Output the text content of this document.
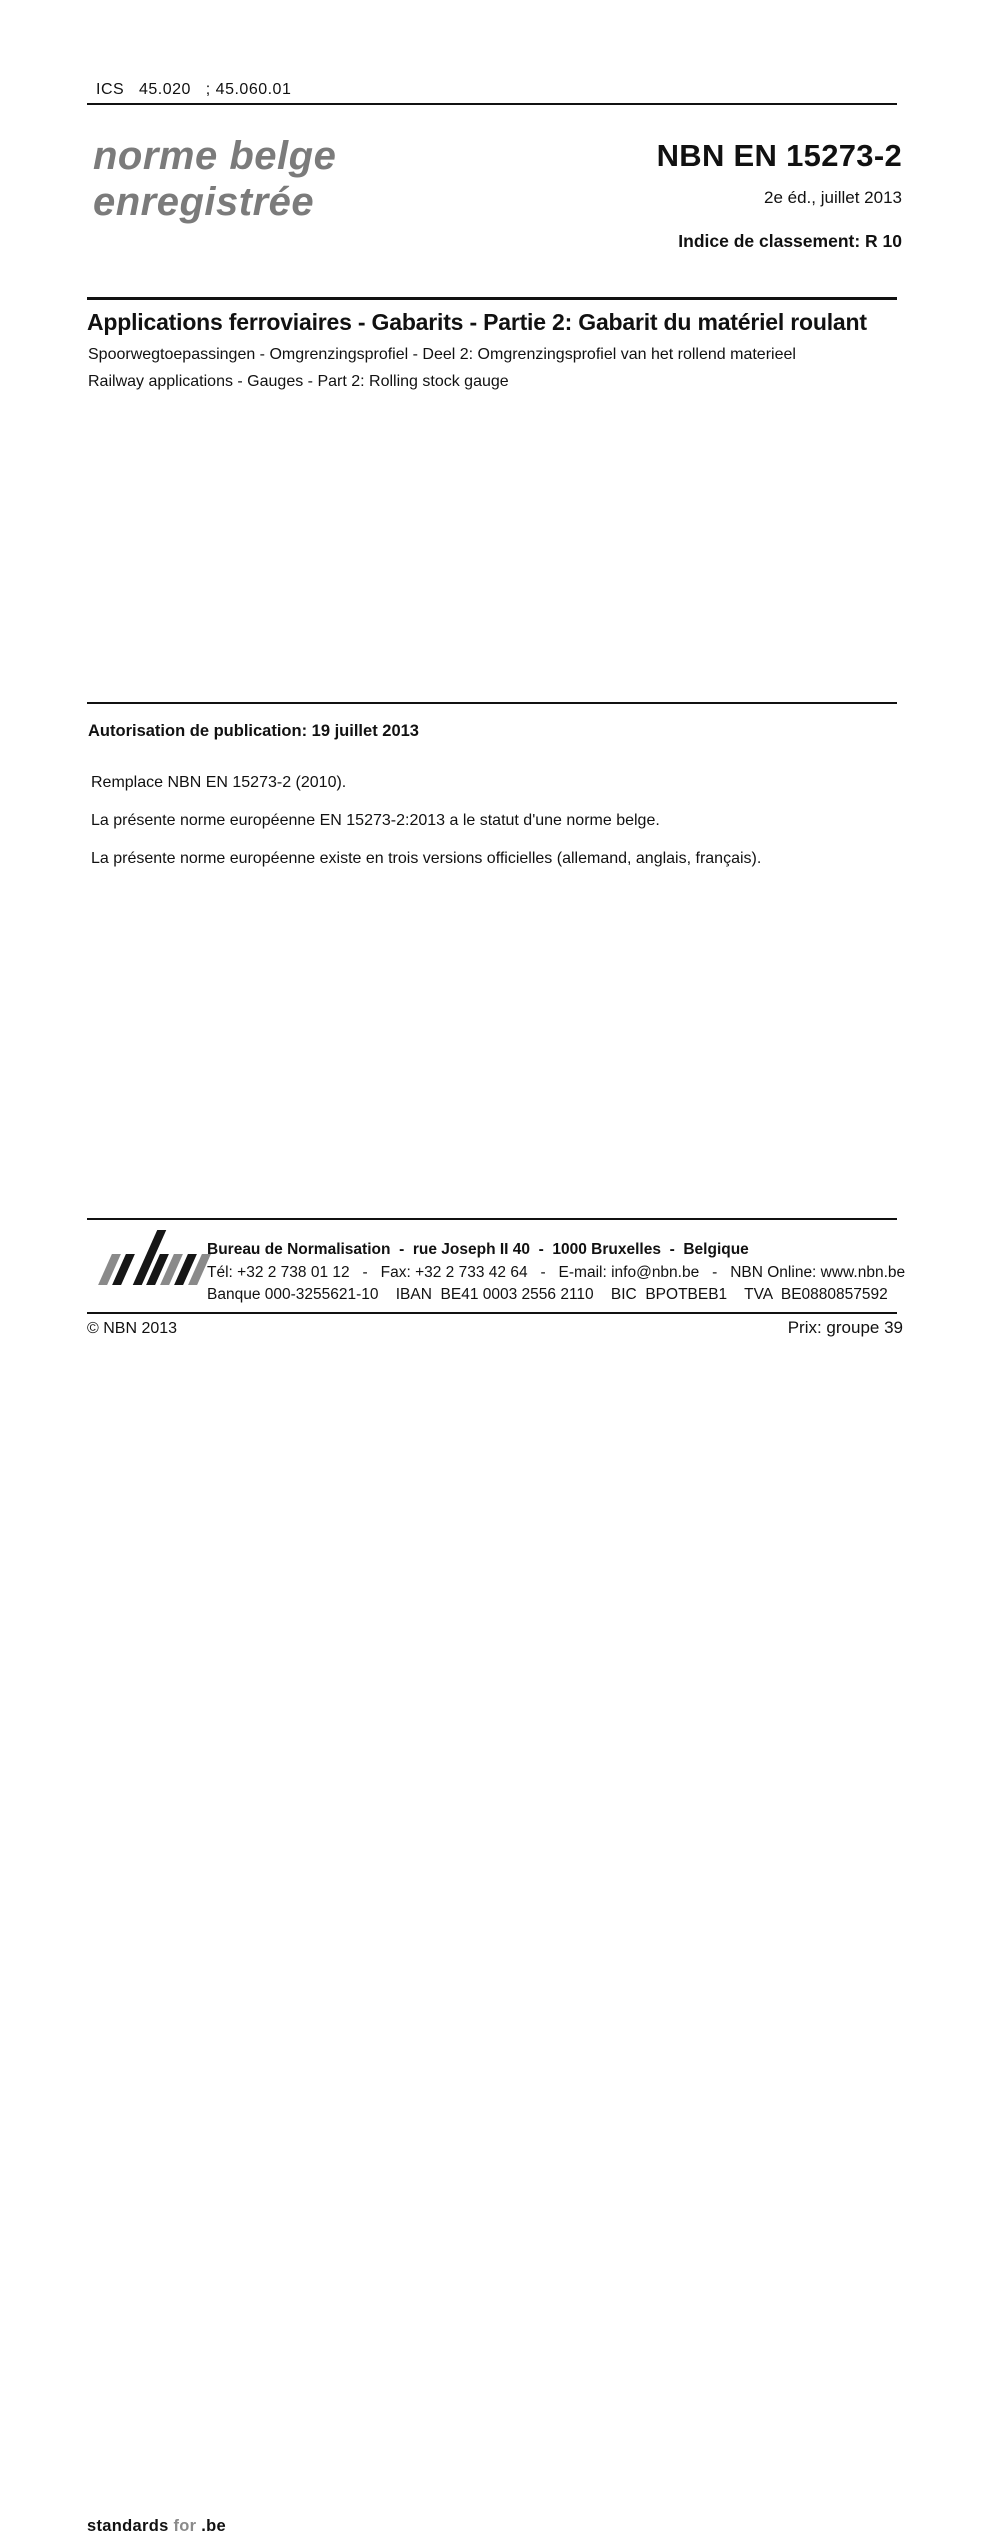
ICS   45.020   ; 45.060.01
norme belge
enregistrée
NBN EN 15273-2
2e éd., juillet 2013
Indice de classement: R 10
Applications ferroviaires - Gabarits - Partie 2: Gabarit du matériel roulant
Spoorwegtoepassingen - Omgrenzingsprofiel - Deel 2: Omgrenzingsprofiel van het rollend materieel
Railway applications - Gauges - Part 2: Rolling stock gauge
Autorisation de publication: 19 juillet 2013
Remplace NBN EN 15273-2 (2010).
La présente norme européenne EN 15273-2:2013 a le statut d'une norme belge.
La présente norme européenne existe en trois versions officielles (allemand, anglais, français).
standards for .be
Bureau de Normalisation  -  rue Joseph II 40  -  1000 Bruxelles  -  Belgique
Tél: +32 2 738 01 12   -   Fax: +32 2 733 42 64   -   E-mail: info@nbn.be   -   NBN Online: www.nbn.be
Banque 000-3255621-10    IBAN  BE41 0003 2556 2110    BIC  BPOTBEB1    TVA  BE0880857592
© NBN 2013	Prix: groupe 39
